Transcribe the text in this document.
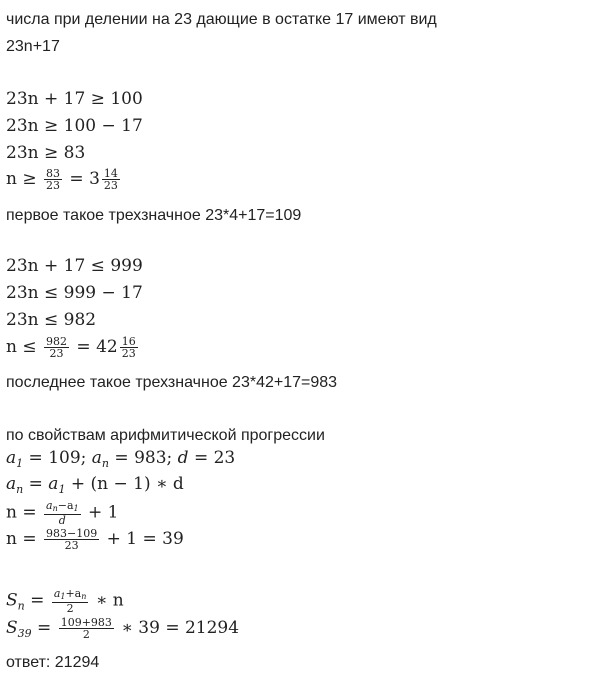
числа при делении на 23 дающие в остатке 17 имеют вид
23n+17
23n + 17 ≥ 100
23n ≥ 100 − 17
23n ≥ 83
$n \ge \frac{83}{23} = 3 \frac{14}{23}$
первое такое трехзначное 23*4+17=109
23n + 17 ≤ 999
23n ≤ 999 − 17
23n ≤ 982
$n \le \frac{982}{23} = 42 \frac{16}{23}$
последнее такое трехзначное 23*42+17=983
по свойствам арифмитической прогрессии
$a_1 = 109$; $a_n = 983$; d = 23
$a_n = a_1 + (n - 1)$ ∗ d
$n = \frac{an-a1}{d} + 1$
$n = \frac{983-109}{23} + 1 = 39$
$S_n = \frac{a1+an}{2}$ ∗ n
$S_{39} = \frac{109+983}{2}$ ∗ 39 = 21294
ответ: 21294
